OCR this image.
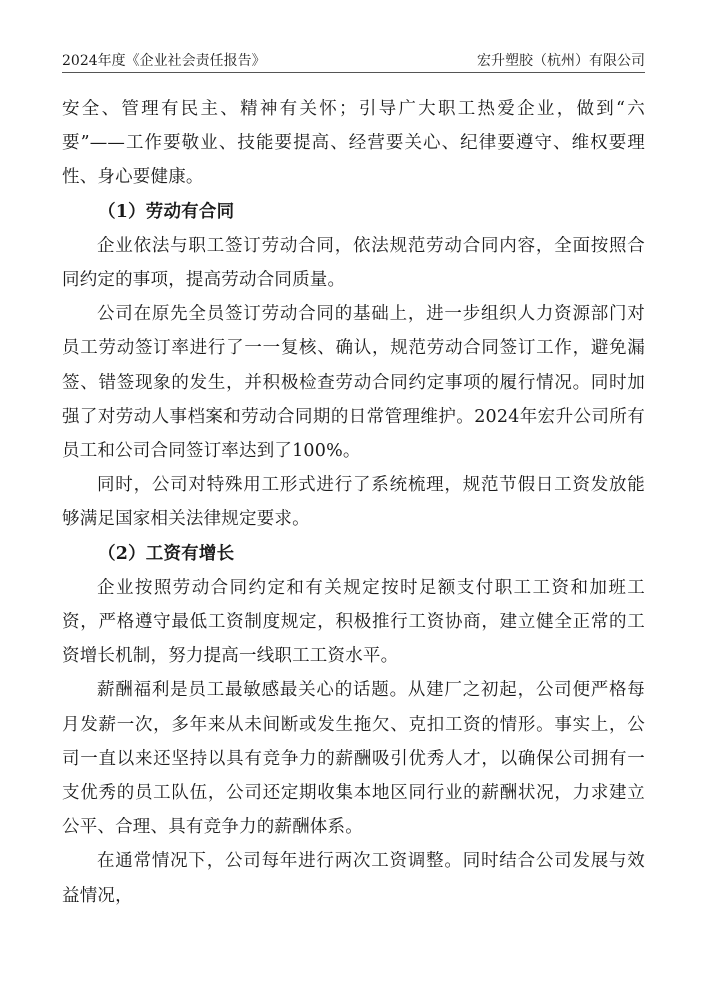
2024年度《企业社会责任报告》	宏升塑胶（杭州）有限公司

安全、管理有民主、精神有关怀；引导广大职工热爱企业，做到“六要”——工作要敬业、技能要提高、经营要关心、纪律要遵守、维权要理性、身心要健康。

（1）劳动有合同

企业依法与职工签订劳动合同，依法规范劳动合同内容，全面按照合同约定的事项，提高劳动合同质量。

公司在原先全员签订劳动合同的基础上，进一步组织人力资源部门对员工劳动签订率进行了一一复核、确认，规范劳动合同签订工作，避免漏签、错签现象的发生，并积极检查劳动合同约定事项的履行情况。同时加强了对劳动人事档案和劳动合同期的日常管理维护。2024年宏升公司所有员工和公司合同签订率达到了100%。

同时，公司对特殊用工形式进行了系统梳理，规范节假日工资发放能够满足国家相关法律规定要求。

（2）工资有增长

企业按照劳动合同约定和有关规定按时足额支付职工工资和加班工资，严格遵守最低工资制度规定，积极推行工资协商，建立健全正常的工资增长机制，努力提高一线职工工资水平。

薪酬福利是员工最敏感最关心的话题。从建厂之初起，公司便严格每月发薪一次，多年来从未间断或发生拖欠、克扣工资的情形。事实上，公司一直以来还坚持以具有竞争力的薪酬吸引优秀人才，以确保公司拥有一支优秀的员工队伍，公司还定期收集本地区同行业的薪酬状况，力求建立公平、合理、具有竞争力的薪酬体系。

在通常情况下，公司每年进行两次工资调整。同时结合公司发展与效益情况，
